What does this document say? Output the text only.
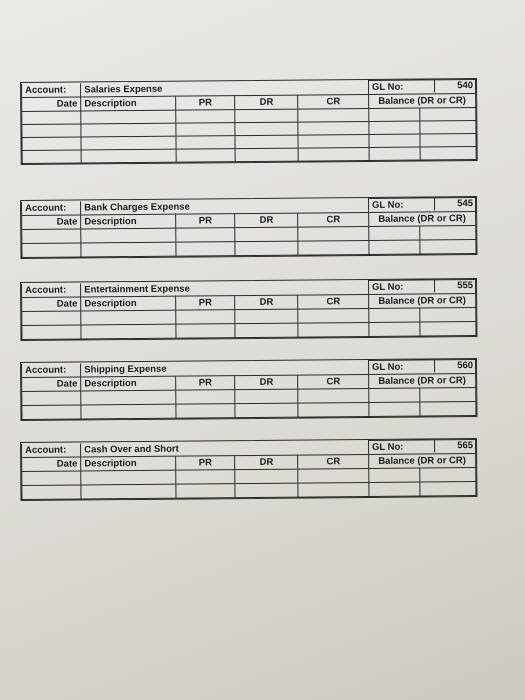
Account:	Salaries Expense				GL No: 540	

Date	Description	PR	DR	CR	Balance (DR or CR)	

Account:	Bank Charges Expense				GL No: 545	

Date	Description	PR	DR	CR	Balance (DR or CR)	

Account:	Entertainment Expense				GL No: 555	

Date	Description	PR	DR	CR	Balance (DR or CR)	

Account:	Shipping Expense				GL No: 560	

Date	Description	PR	DR	CR	Balance (DR or CR)	

Account:	Cash Over and Short				GL No: 565	

Date	Description	PR	DR	CR	Balance (DR or CR)	
